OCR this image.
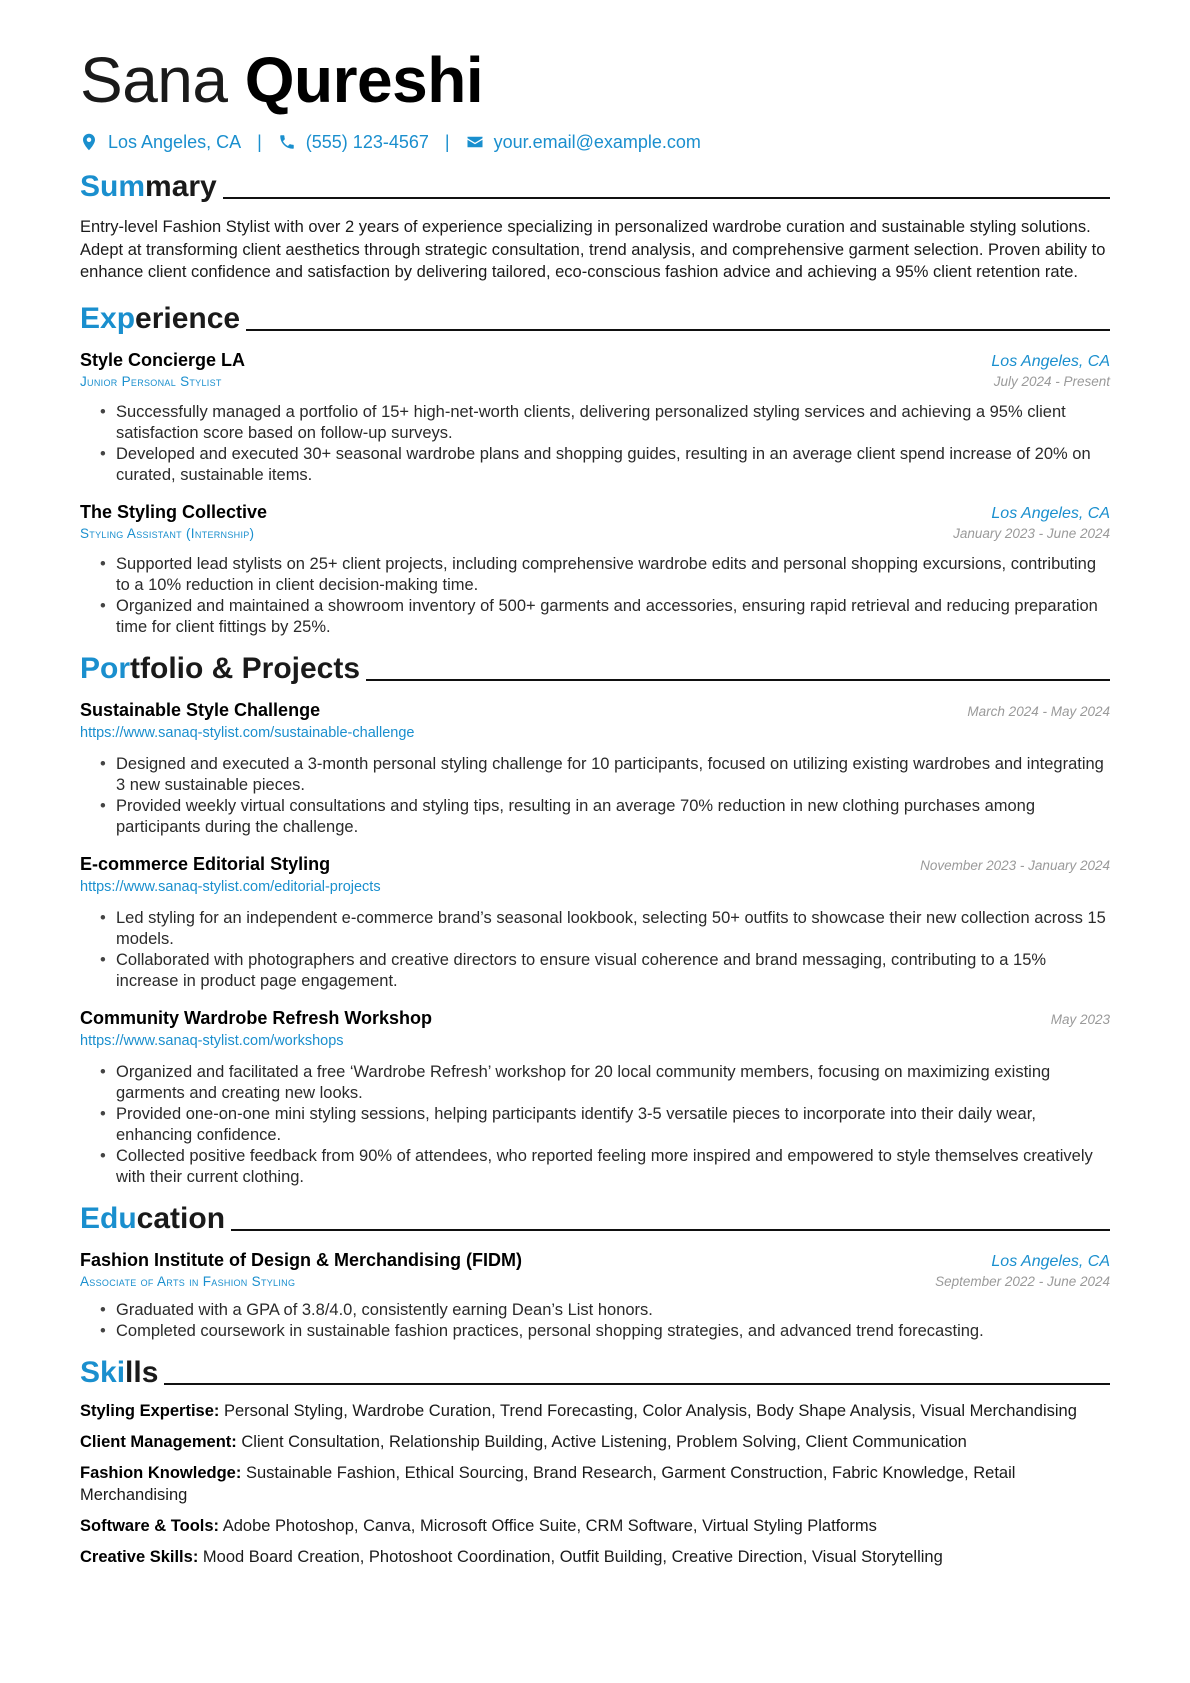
Sana Qureshi
Los Angeles, CA | (555) 123-4567 | your.email@example.com
Summary
Entry-level Fashion Stylist with over 2 years of experience specializing in personalized wardrobe curation and sustainable styling solutions. Adept at transforming client aesthetics through strategic consultation, trend analysis, and comprehensive garment selection. Proven ability to enhance client confidence and satisfaction by delivering tailored, eco-conscious fashion advice and achieving a 95% client retention rate.
Experience
Style Concierge LA	Los Angeles, CA
Junior Personal Stylist	July 2024 - Present
• Successfully managed a portfolio of 15+ high-net-worth clients, delivering personalized styling services and achieving a 95% client satisfaction score based on follow-up surveys.
• Developed and executed 30+ seasonal wardrobe plans and shopping guides, resulting in an average client spend increase of 20% on curated, sustainable items.
The Styling Collective	Los Angeles, CA
Styling Assistant (Internship)	January 2023 - June 2024
• Supported lead stylists on 25+ client projects, including comprehensive wardrobe edits and personal shopping excursions, contributing to a 10% reduction in client decision-making time.
• Organized and maintained a showroom inventory of 500+ garments and accessories, ensuring rapid retrieval and reducing preparation time for client fittings by 25%.
Portfolio & Projects
Sustainable Style Challenge	March 2024 - May 2024
https://www.sanaq-stylist.com/sustainable-challenge
• Designed and executed a 3-month personal styling challenge for 10 participants, focused on utilizing existing wardrobes and integrating 3 new sustainable pieces.
• Provided weekly virtual consultations and styling tips, resulting in an average 70% reduction in new clothing purchases among participants during the challenge.
E-commerce Editorial Styling	November 2023 - January 2024
https://www.sanaq-stylist.com/editorial-projects
• Led styling for an independent e-commerce brand’s seasonal lookbook, selecting 50+ outfits to showcase their new collection across 15 models.
• Collaborated with photographers and creative directors to ensure visual coherence and brand messaging, contributing to a 15% increase in product page engagement.
Community Wardrobe Refresh Workshop	May 2023
https://www.sanaq-stylist.com/workshops
• Organized and facilitated a free ‘Wardrobe Refresh’ workshop for 20 local community members, focusing on maximizing existing garments and creating new looks.
• Provided one-on-one mini styling sessions, helping participants identify 3-5 versatile pieces to incorporate into their daily wear, enhancing confidence.
• Collected positive feedback from 90% of attendees, who reported feeling more inspired and empowered to style themselves creatively with their current clothing.
Education
Fashion Institute of Design & Merchandising (FIDM)	Los Angeles, CA
Associate of Arts in Fashion Styling	September 2022 - June 2024
• Graduated with a GPA of 3.8/4.0, consistently earning Dean’s List honors.
• Completed coursework in sustainable fashion practices, personal shopping strategies, and advanced trend forecasting.
Skills
Styling Expertise: Personal Styling, Wardrobe Curation, Trend Forecasting, Color Analysis, Body Shape Analysis, Visual Merchandising
Client Management: Client Consultation, Relationship Building, Active Listening, Problem Solving, Client Communication
Fashion Knowledge: Sustainable Fashion, Ethical Sourcing, Brand Research, Garment Construction, Fabric Knowledge, Retail Merchandising
Software & Tools: Adobe Photoshop, Canva, Microsoft Office Suite, CRM Software, Virtual Styling Platforms
Creative Skills: Mood Board Creation, Photoshoot Coordination, Outfit Building, Creative Direction, Visual Storytelling
